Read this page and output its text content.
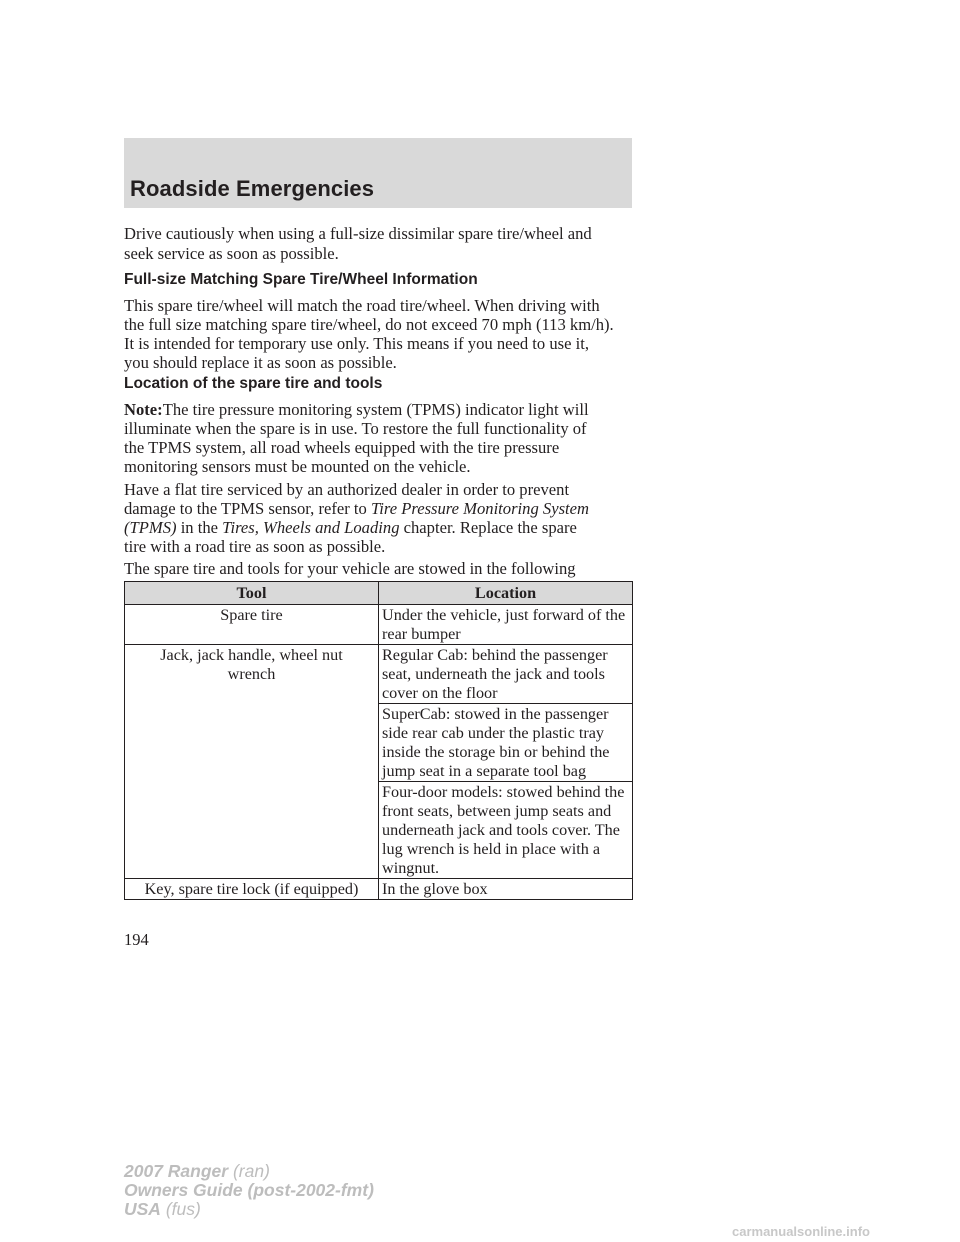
Roadside Emergencies

Drive cautiously when using a full-size dissimilar spare tire/wheel and

seek service as soon as possible.

Full-size Matching Spare Tire/Wheel Information

This spare tire/wheel will match the road tire/wheel. When driving with

the full size matching spare tire/wheel, do not exceed 70 mph (113 km/h).

It is intended for temporary use only. This means if you need to use it,

you should replace it as soon as possible.

Location of the spare tire and tools

Note:The tire pressure monitoring system (TPMS) indicator light will

illuminate when the spare is in use. To restore the full functionality of

the TPMS system, all road wheels equipped with the tire pressure

monitoring sensors must be mounted on the vehicle.

Have a flat tire serviced by an authorized dealer in order to prevent

damage to the TPMS sensor, refer to Tire Pressure Monitoring System

(TPMS) in the Tires, Wheels and Loading chapter. Replace the spare

tire with a road tire as soon as possible.

The spare tire and tools for your vehicle are stowed in the following

Tool	Location
Spare tire	Under the vehicle, just forward of the rear bumper
Jack, jack handle, wheel nut wrench	Regular Cab: behind the passenger seat, underneath the jack and tools cover on the floor
	SuperCab: stowed in the passenger side rear cab under the plastic tray inside the storage bin or behind the jump seat in a separate tool bag
	Four-door models: stowed behind the front seats, between jump seats and underneath jack and tools cover. The lug wrench is held in place with a wingnut.
Key, spare tire lock (if equipped)	In the glove box
194
2007 Ranger (ran)
Owners Guide (post-2002-fmt)
USA (fus)
carmanualsonline.info
